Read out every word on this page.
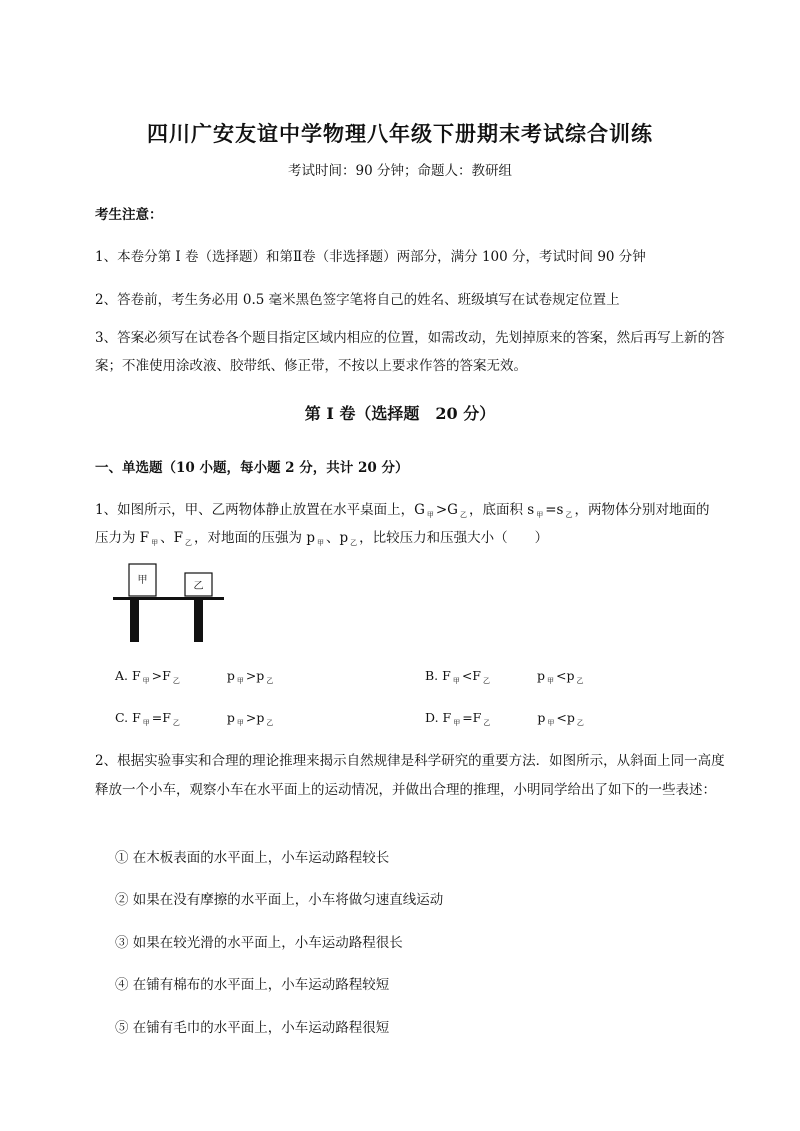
四川广安友谊中学物理八年级下册期末考试综合训练
考试时间：90 分钟；命题人：教研组
考生注意：
1、本卷分第 I 卷（选择题）和第Ⅱ卷（非选择题）两部分，满分 100 分，考试时间 90 分钟
2、答卷前，考生务必用 0.5 毫米黑色签字笔将自己的姓名、班级填写在试卷规定位置上
3、答案必须写在试卷各个题目指定区域内相应的位置，如需改动，先划掉原来的答案，然后再写上新的答案；不准使用涂改液、胶带纸、修正带，不按以上要求作答的答案无效。
第 I 卷（选择题　20 分）
一、单选题（10 小题，每小题 2 分，共计 20 分）
1、如图所示，甲、乙两物体静止放置在水平桌面上，G $_甲$ >G $_乙$ ，底面积 s $_甲$ =s $_乙$ ，两物体分别对地面的
压力为 F $_甲$ 、F $_乙$ ，对地面的压强为 p $_甲$ 、p $_乙$ ，比较压力和压强大小（　　）
甲
乙
A. F $_甲$ >F $_乙$	p $_甲$ >p $_乙$	B. F $_甲$ <F $_乙$	p $_甲$ <p $_乙$
C. F $_甲$ =F $_乙$	p $_甲$ >p $_乙$	D. F $_甲$ =F $_乙$	p $_甲$ <p $_乙$
2、根据实验事实和合理的理论推理来揭示自然规律是科学研究的重要方法．如图所示，从斜面上同一高度释放一个小车，观察小车在水平面上的运动情况，并做出合理的推理，小明同学给出了如下的一些表述：
① 在木板表面的水平面上，小车运动路程较长
② 如果在没有摩擦的水平面上，小车将做匀速直线运动
③ 如果在较光滑的水平面上，小车运动路程很长
④ 在铺有棉布的水平面上，小车运动路程较短
⑤ 在铺有毛巾的水平面上，小车运动路程很短
